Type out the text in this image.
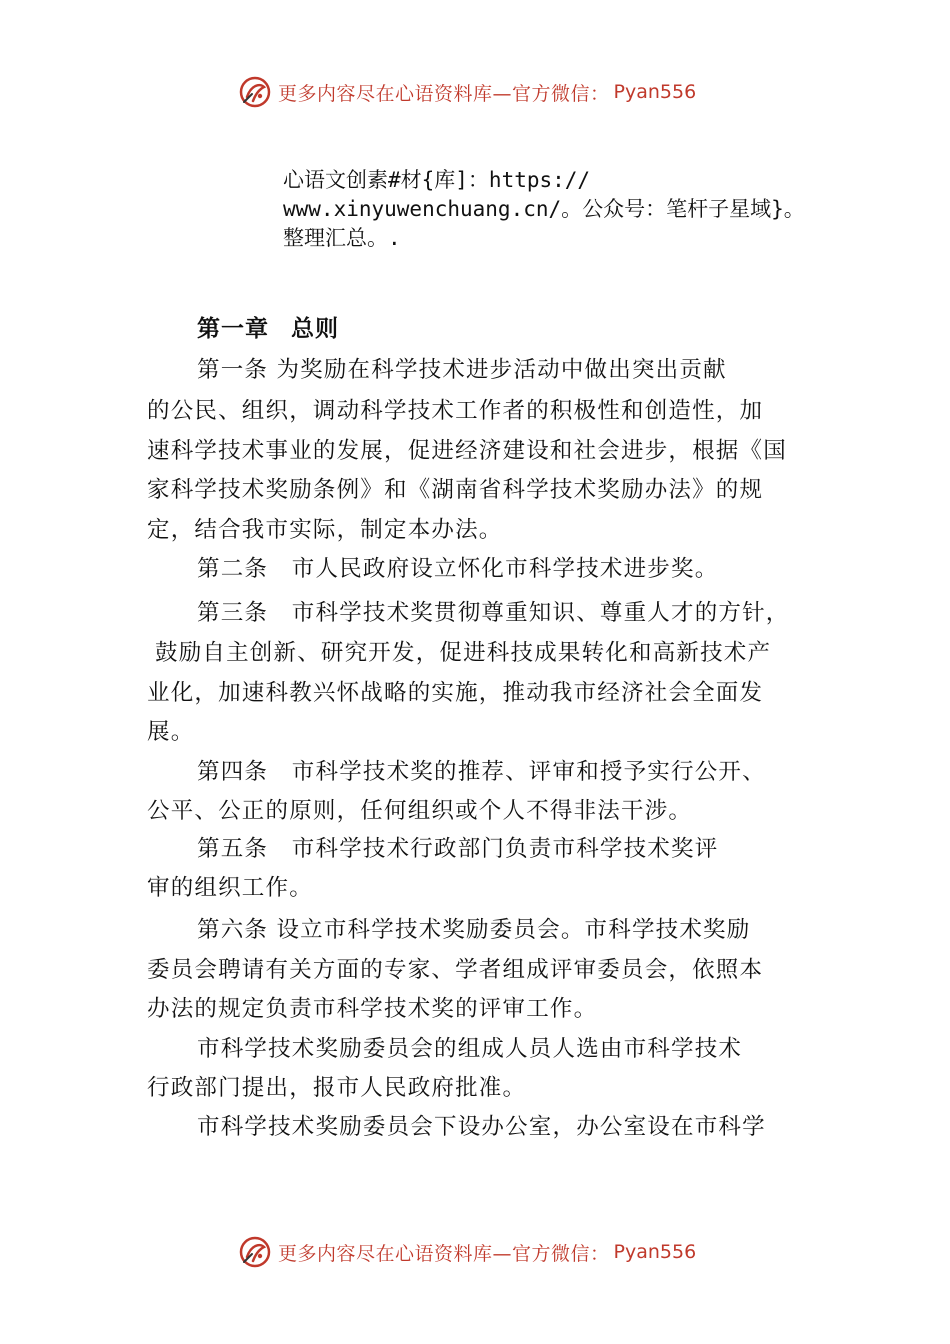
更多内容尽在心语资料库—官方微信： Pyan556
心语文创素#材{库]：https://
www.xinyuwenchuang.cn/。公众号：笔杆子星域}。
整理汇总。.
第一章 总则
第一条 为奖励在科学技术进步活动中做出突出贡献
的公民、组织，调动科学技术工作者的积极性和创造性，加
速科学技术事业的发展，促进经济建设和社会进步，根据《国
家科学技术奖励条例》和《湖南省科学技术奖励办法》的规
定，结合我市实际，制定本办法。
第二条　市人民政府设立怀化市科学技术进步奖。
第三条　市科学技术奖贯彻尊重知识、尊重人才的方针，
鼓励自主创新、研究开发，促进科技成果转化和高新技术产
业化，加速科教兴怀战略的实施，推动我市经济社会全面发
展。
第四条　市科学技术奖的推荐、评审和授予实行公开、
公平、公正的原则，任何组织或个人不得非法干涉。
第五条　市科学技术行政部门负责市科学技术奖评
审的组织工作。
第六条 设立市科学技术奖励委员会。市科学技术奖励
委员会聘请有关方面的专家、学者组成评审委员会，依照本
办法的规定负责市科学技术奖的评审工作。
市科学技术奖励委员会的组成人员人选由市科学技术
行政部门提出，报市人民政府批准。
市科学技术奖励委员会下设办公室，办公室设在市科学
更多内容尽在心语资料库—官方微信： Pyan556
